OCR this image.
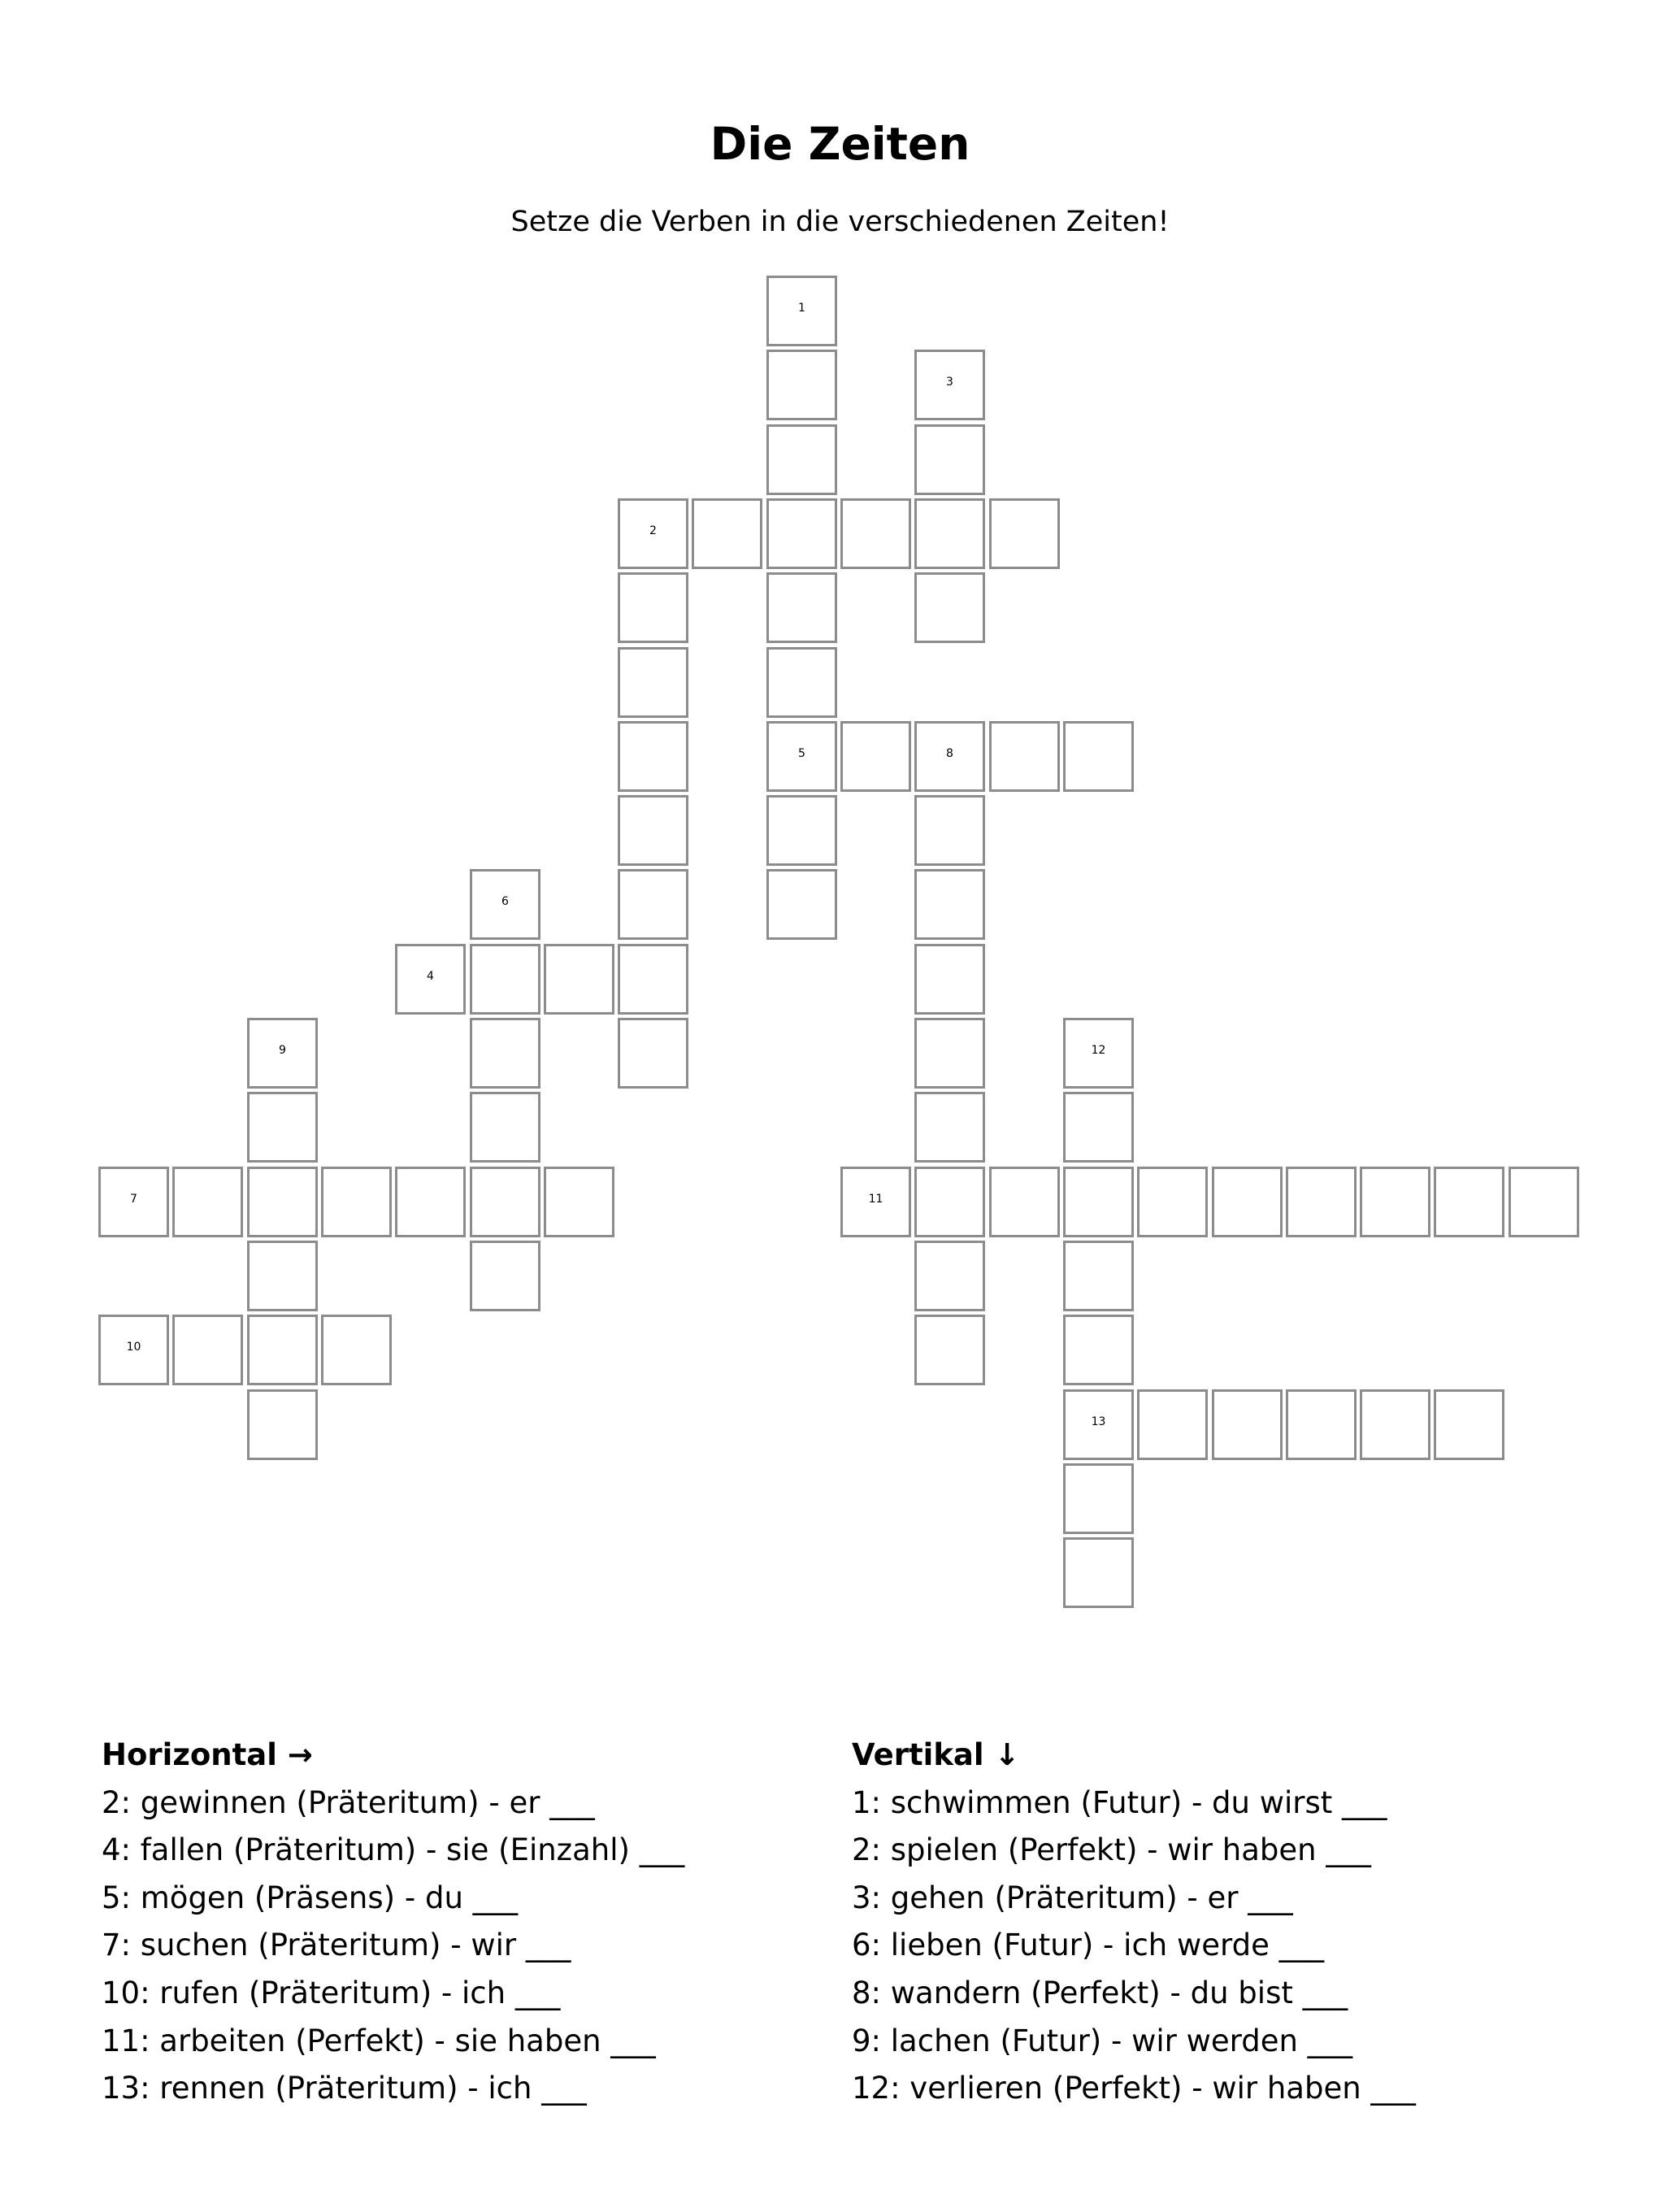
Die Zeiten
Setze die Verben in die verschiedenen Zeiten!
1
5
2
3
4
8
6
7
9
10
11
12
13
Horizontal →
2: gewinnen (Präteritum) - er ___
4: fallen (Präteritum) - sie (Einzahl) ___
5: mögen (Präsens) - du ___
7: suchen (Präteritum) - wir ___
10: rufen (Präteritum) - ich ___
11: arbeiten (Perfekt) - sie haben ___
13: rennen (Präteritum) - ich ___
Vertikal ↓
1: schwimmen (Futur) - du wirst ___
2: spielen (Perfekt) - wir haben ___
3: gehen (Präteritum) - er ___
6: lieben (Futur) - ich werde ___
8: wandern (Perfekt) - du bist ___
9: lachen (Futur) - wir werden ___
12: verlieren (Perfekt) - wir haben ___
